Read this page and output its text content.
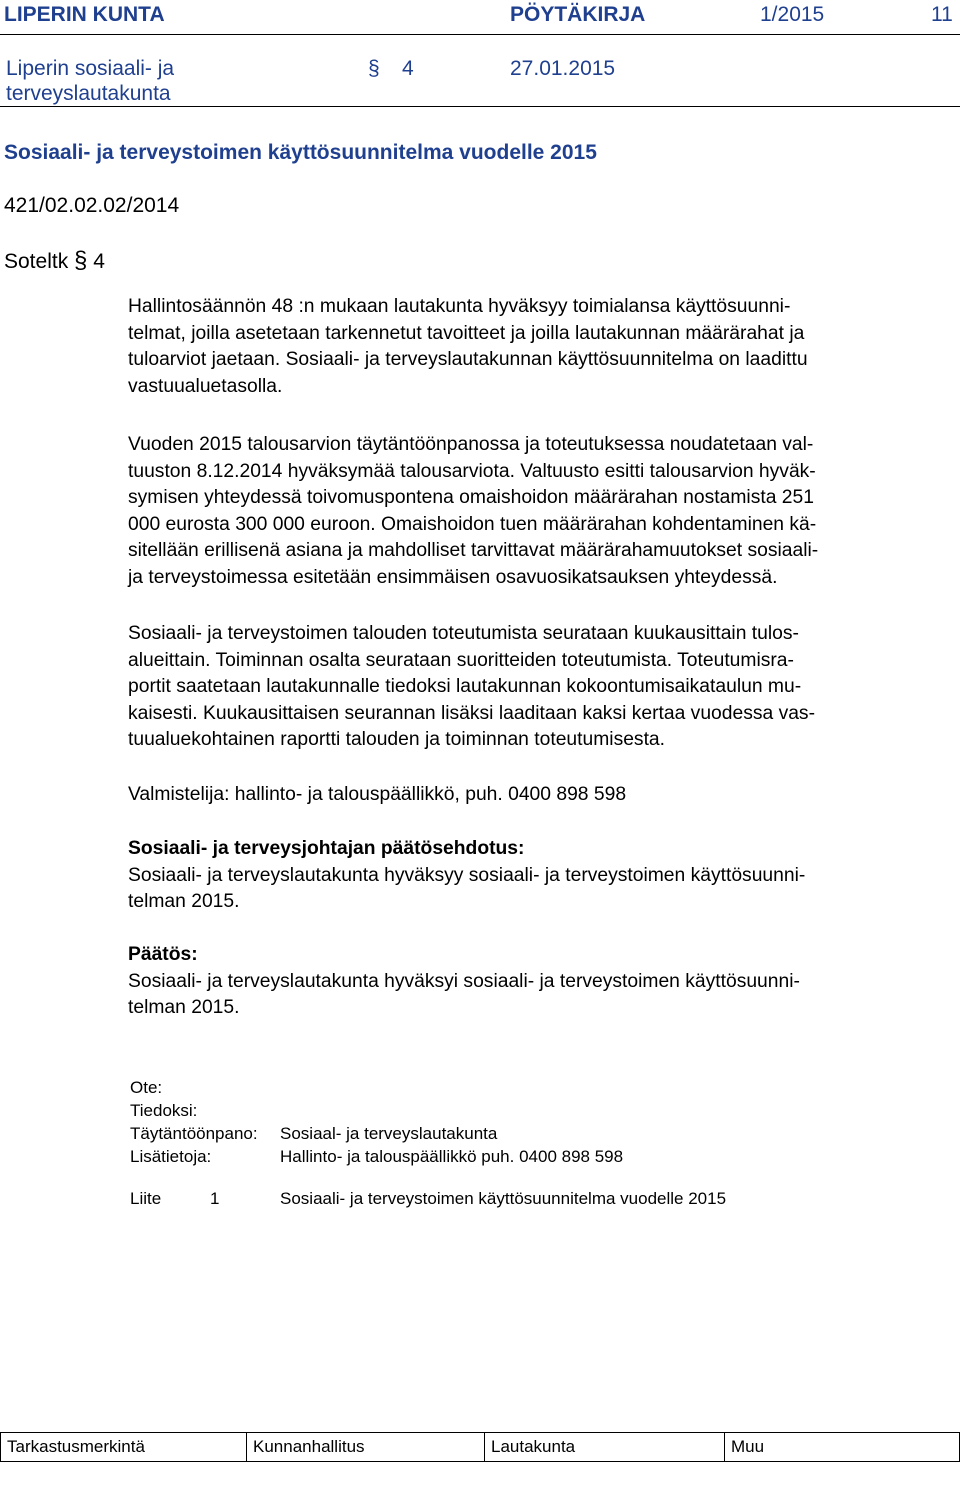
LIPERIN KUNTA	PÖYTÄKIRJA	1/2015	11
Liperin sosiaali- ja
terveyslautakunta
§ 4	27.01.2015
Sosiaali- ja terveystoimen käyttösuunnitelma vuodelle 2015
421/02.02.02/2014
Soteltk § 4
Hallintosäännön 48 :n mukaan lautakunta hyväksyy toimialansa käyttösuunni-
telmat, joilla asetetaan tarkennetut tavoitteet ja joilla lautakunnan määrärahat ja
tuloarviot jaetaan. Sosiaali- ja terveyslautakunnan käyttösuunnitelma on laadittu
vastuualuetasolla.
Vuoden 2015 talousarvion täytäntöönpanossa ja toteutuksessa noudatetaan val-
tuuston 8.12.2014 hyväksymää talousarviota. Valtuusto esitti talousarvion hyväk-
symisen yhteydessä toivomuspontena omaishoidon määrärahan nostamista 251
000 eurosta 300 000 euroon. Omaishoidon tuen määrärahan kohdentaminen kä-
sitellään erillisenä asiana ja mahdolliset tarvittavat määrärahamuutokset sosiaali-
ja terveystoimessa esitetään ensimmäisen osavuosikatsauksen yhteydessä.
Sosiaali- ja terveystoimen talouden toteutumista seurataan kuukausittain tulos-
alueittain. Toiminnan osalta seurataan suoritteiden toteutumista. Toteutumisra-
portit saatetaan lautakunnalle tiedoksi lautakunnan kokoontumisaikataulun mu-
kaisesti. Kuukausittaisen seurannan lisäksi laaditaan kaksi kertaa vuodessa vas-
tuualuekohtainen raportti talouden ja toiminnan toteutumisesta.
Valmistelija: hallinto- ja talouspäällikkö, puh. 0400 898 598
Sosiaali- ja terveysjohtajan päätösehdotus:
Sosiaali- ja terveyslautakunta hyväksyy sosiaali- ja terveystoimen käyttösuunni-
telman 2015.
Päätös:
Sosiaali- ja terveyslautakunta hyväksyi sosiaali- ja terveystoimen käyttösuunni-
telman 2015.
Ote:
Tiedoksi:
Täytäntöönpano: Sosiaal- ja terveyslautakunta
Lisätietoja:	Hallinto- ja talouspäällikkö puh. 0400 898 598
Liite	1	Sosiaali- ja terveystoimen käyttösuunnitelma vuodelle 2015
Tarkastusmerkintä	Kunnanhallitus	Lautakunta	Muu
